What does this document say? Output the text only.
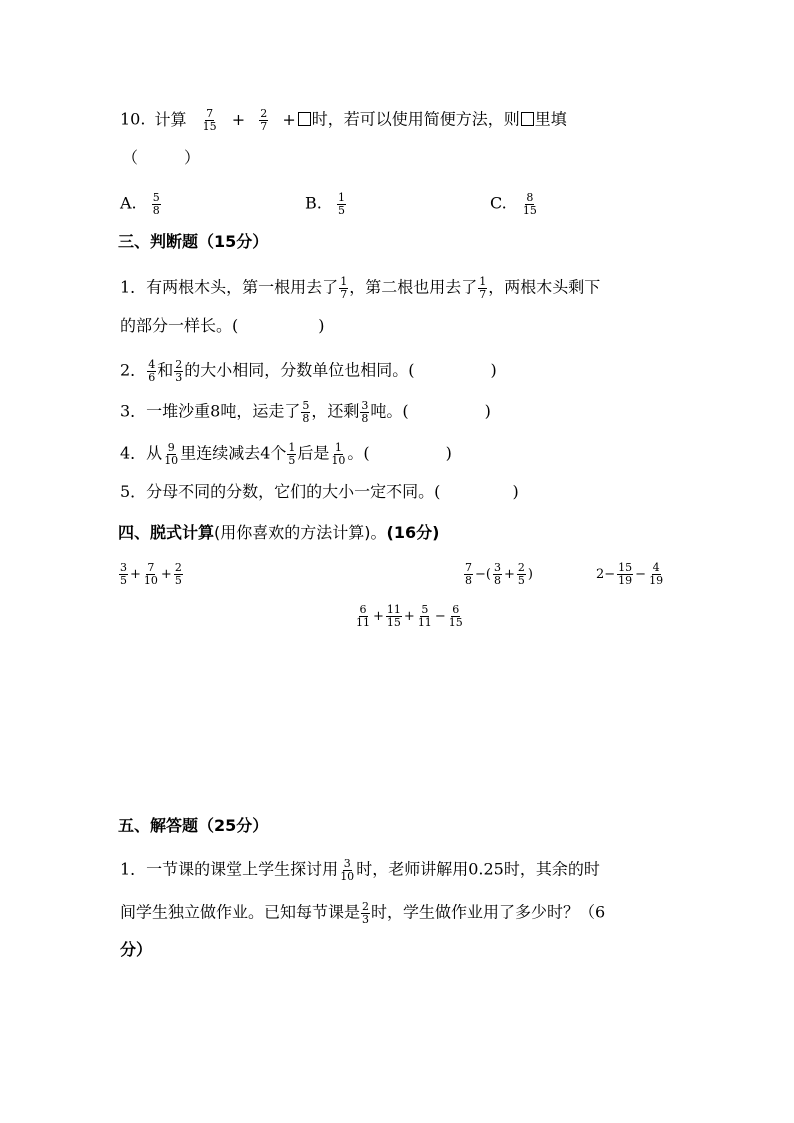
10. 计算 $\frac{7}{15} + \frac{2}{7}$ + 时，若可以使用简便方法，则 里填
（	）
A. $\frac{5}{8}$	B. $\frac{1}{5}$	C. $\frac{8}{15}$
三、判断题（15分）
1．有两根木头，第一根用去了 $\frac{1}{7}$ ，第二根也用去了 $\frac{1}{7}$ ，两根木头剩下
的部分一样长。(	)
2． $\frac{4}{6}$ 和 $\frac{2}{3}$ 的大小相同，分数单位也相同。(	)
3．一堆沙重8吨，运走了 $\frac{5}{8}$ ，还剩 $\frac{3}{8}$ 吨。(	)
4．从 $\frac{9}{10}$ 里连续减去4个 $\frac{1}{5}$ 后是 $\frac{1}{10}$ 。(	)
5．分母不同的分数，它们的大小一定不同。(	)
四、脱式计算(用你喜欢的方法计算)。(16分)
$\frac{3}{5} + \frac{7}{10} + \frac{2}{5}$	$\frac{7}{8}$ −( $\frac{3}{8} + \frac{2}{5}$ )	$2- \frac{15}{19} - \frac{4}{19}$
$\frac{6}{11} + \frac{11}{15} + \frac{5}{11} - \frac{6}{15}$
五、解答题（25分）
1．一节课的课堂上学生探讨用 $\frac{3}{10}$ 时，老师讲解用0.25时，其余的时
间学生独立做作业。已知每节课是 $\frac{2}{3}$ 时，学生做作业用了多少时？（6
分）
